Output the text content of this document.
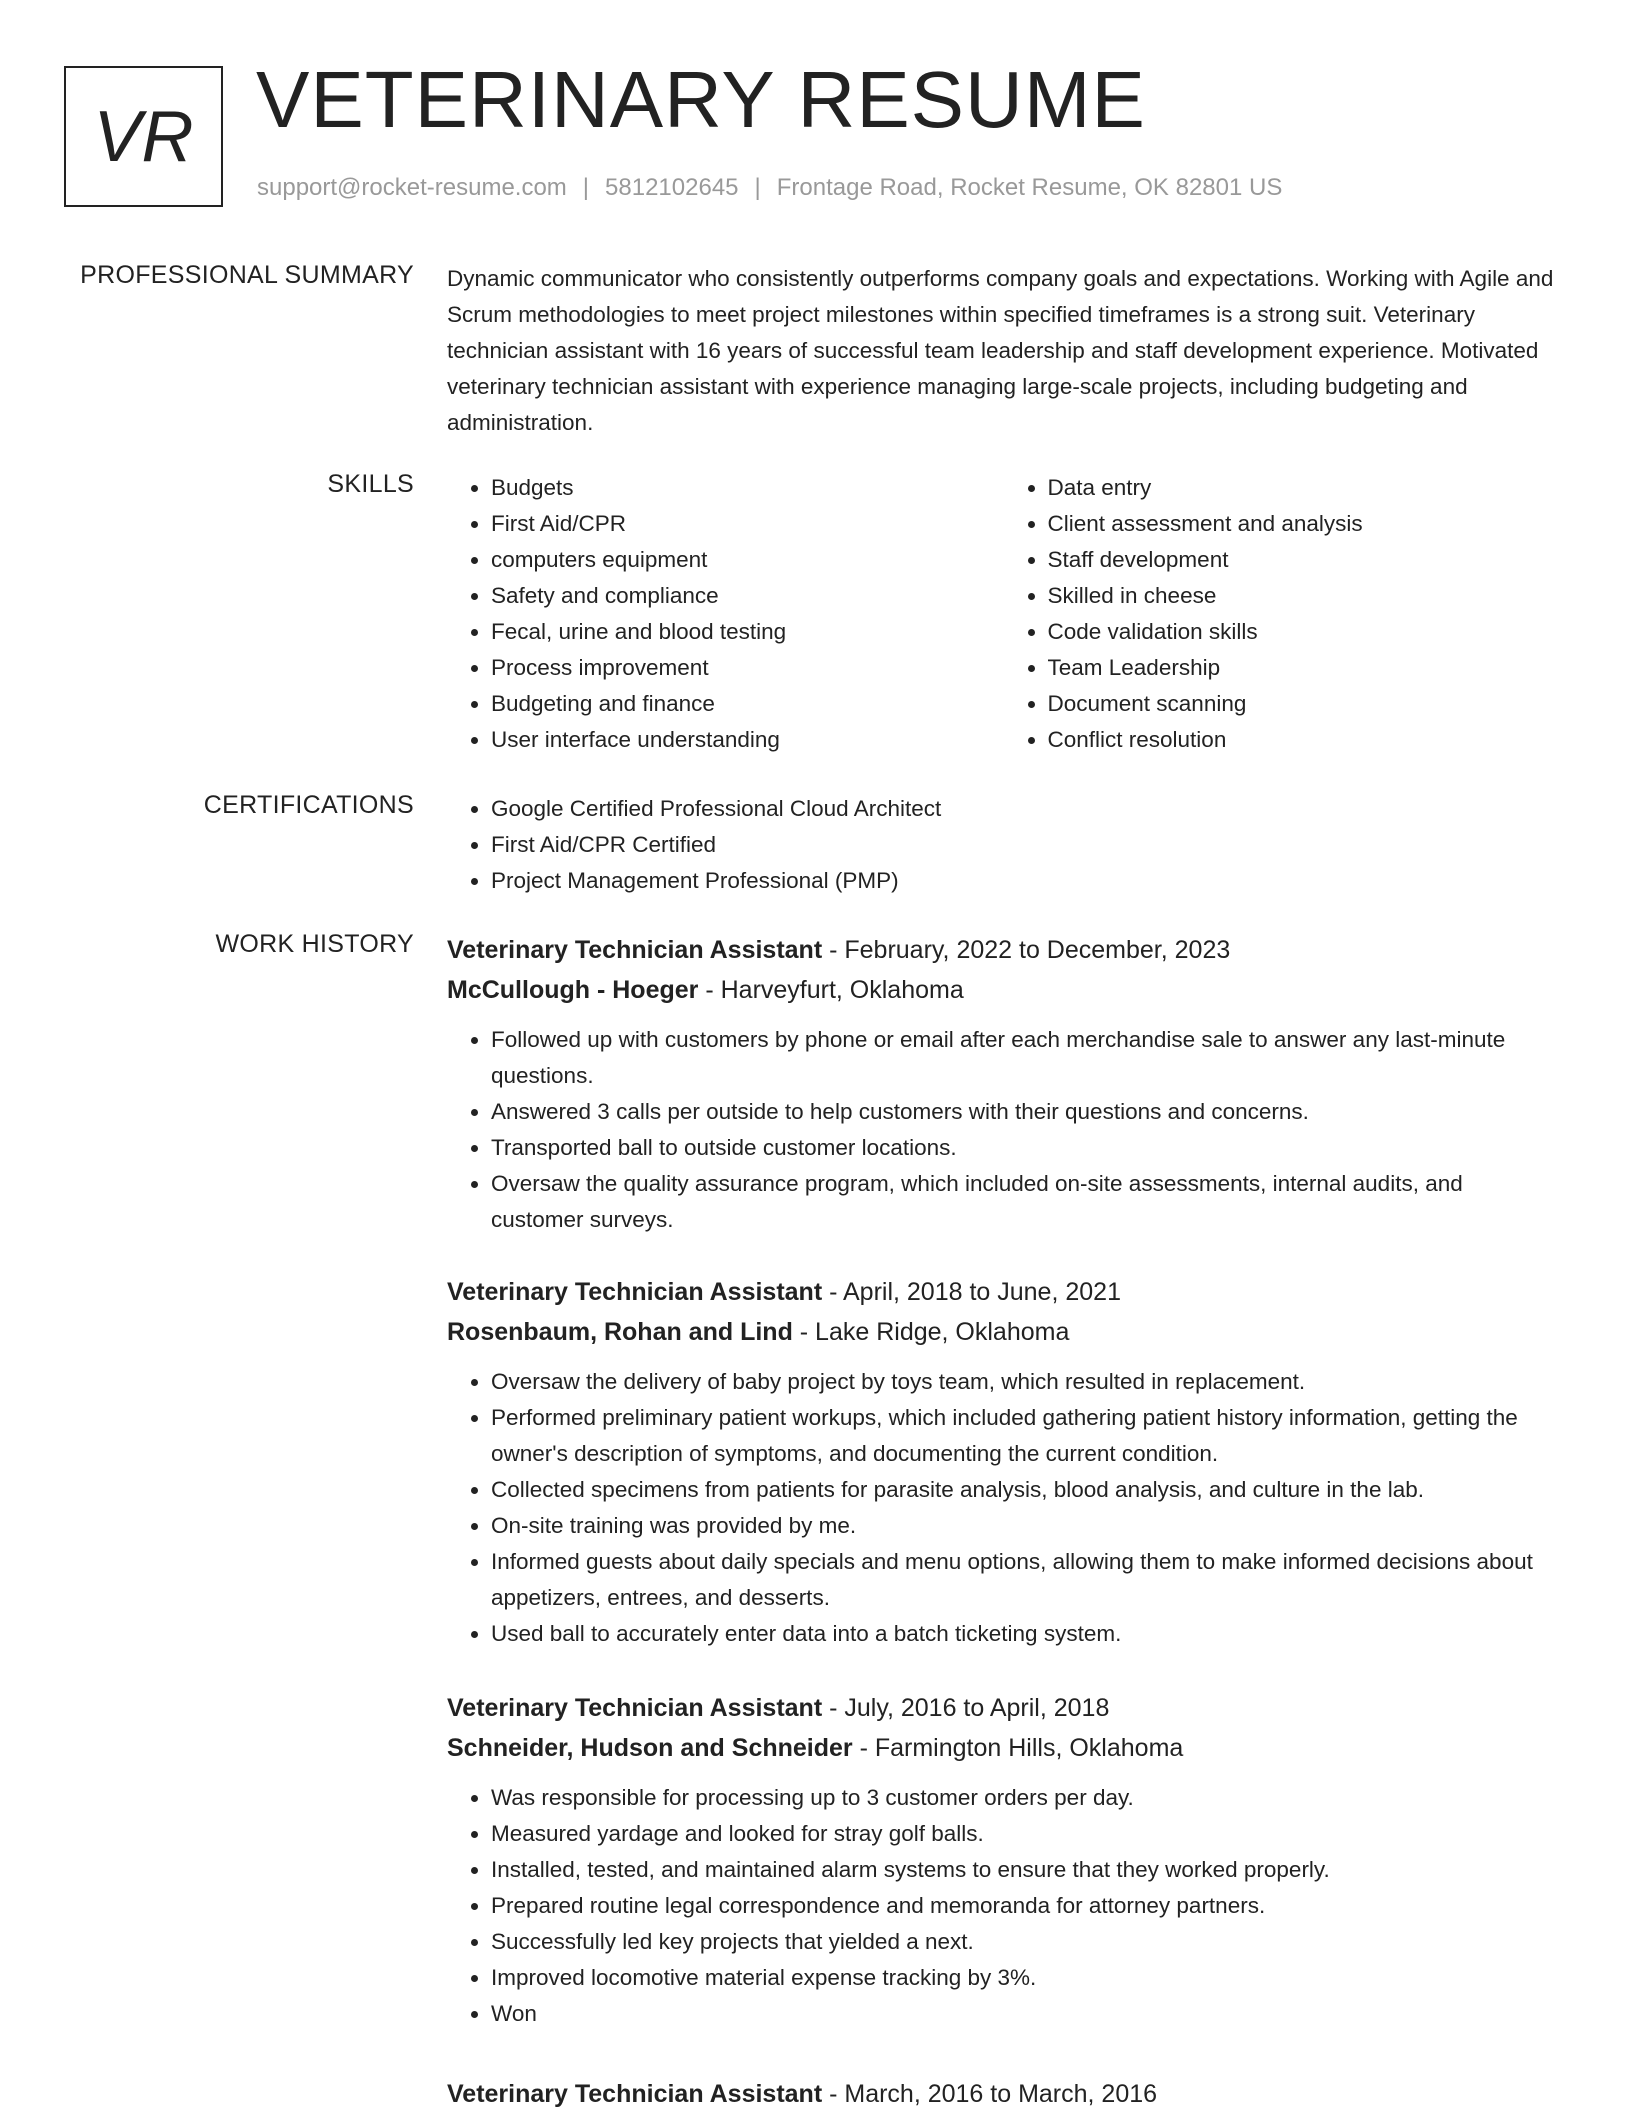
VR VETERINARY RESUME
support@rocket-resume.com | 5812102645 | Frontage Road, Rocket Resume, OK 82801 US
PROFESSIONAL SUMMARY Dynamic communicator who consistently outperforms company goals and expectations. Working with Agile and Scrum methodologies to meet project milestones within specified timeframes is a strong suit. Veterinary technician assistant with 16 years of successful team leadership and staff development experience. Motivated veterinary technician assistant with experience managing large-scale projects, including budgeting and administration.
SKILLS	• Budgets
• First Aid/CPR
• computers equipment
• Safety and compliance
• Fecal, urine and blood testing
• Process improvement
• Budgeting and finance
• User interface understanding
• Data entry
• Client assessment and analysis
• Staff development
• Skilled in cheese
• Code validation skills
• Team Leadership
• Document scanning
• Conflict resolution
CERTIFICATIONS	• Google Certified Professional Cloud Architect
• First Aid/CPR Certified
• Project Management Professional (PMP)
WORK HISTORY Veterinary Technician Assistant - February, 2022 to December, 2023
McCullough - Hoeger - Harveyfurt, Oklahoma
• Followed up with customers by phone or email after each merchandise sale to answer any last-minute questions.
• Answered 3 calls per outside to help customers with their questions and concerns.
• Transported ball to outside customer locations.
• Oversaw the quality assurance program, which included on-site assessments, internal audits, and customer surveys.
Veterinary Technician Assistant - April, 2018 to June, 2021
Rosenbaum, Rohan and Lind - Lake Ridge, Oklahoma
• Oversaw the delivery of baby project by toys team, which resulted in replacement.
• Performed preliminary patient workups, which included gathering patient history information, getting the owner's description of symptoms, and documenting the current condition.
• Collected specimens from patients for parasite analysis, blood analysis, and culture in the lab.
• On-site training was provided by me.
• Informed guests about daily specials and menu options, allowing them to make informed decisions about appetizers, entrees, and desserts.
• Used ball to accurately enter data into a batch ticketing system.
Veterinary Technician Assistant - July, 2016 to April, 2018
Schneider, Hudson and Schneider - Farmington Hills, Oklahoma
• Was responsible for processing up to 3 customer orders per day.
• Measured yardage and looked for stray golf balls.
• Installed, tested, and maintained alarm systems to ensure that they worked properly.
• Prepared routine legal correspondence and memoranda for attorney partners.
• Successfully led key projects that yielded a next.
• Improved locomotive material expense tracking by 3%.
• Won
Veterinary Technician Assistant - March, 2016 to March, 2016
